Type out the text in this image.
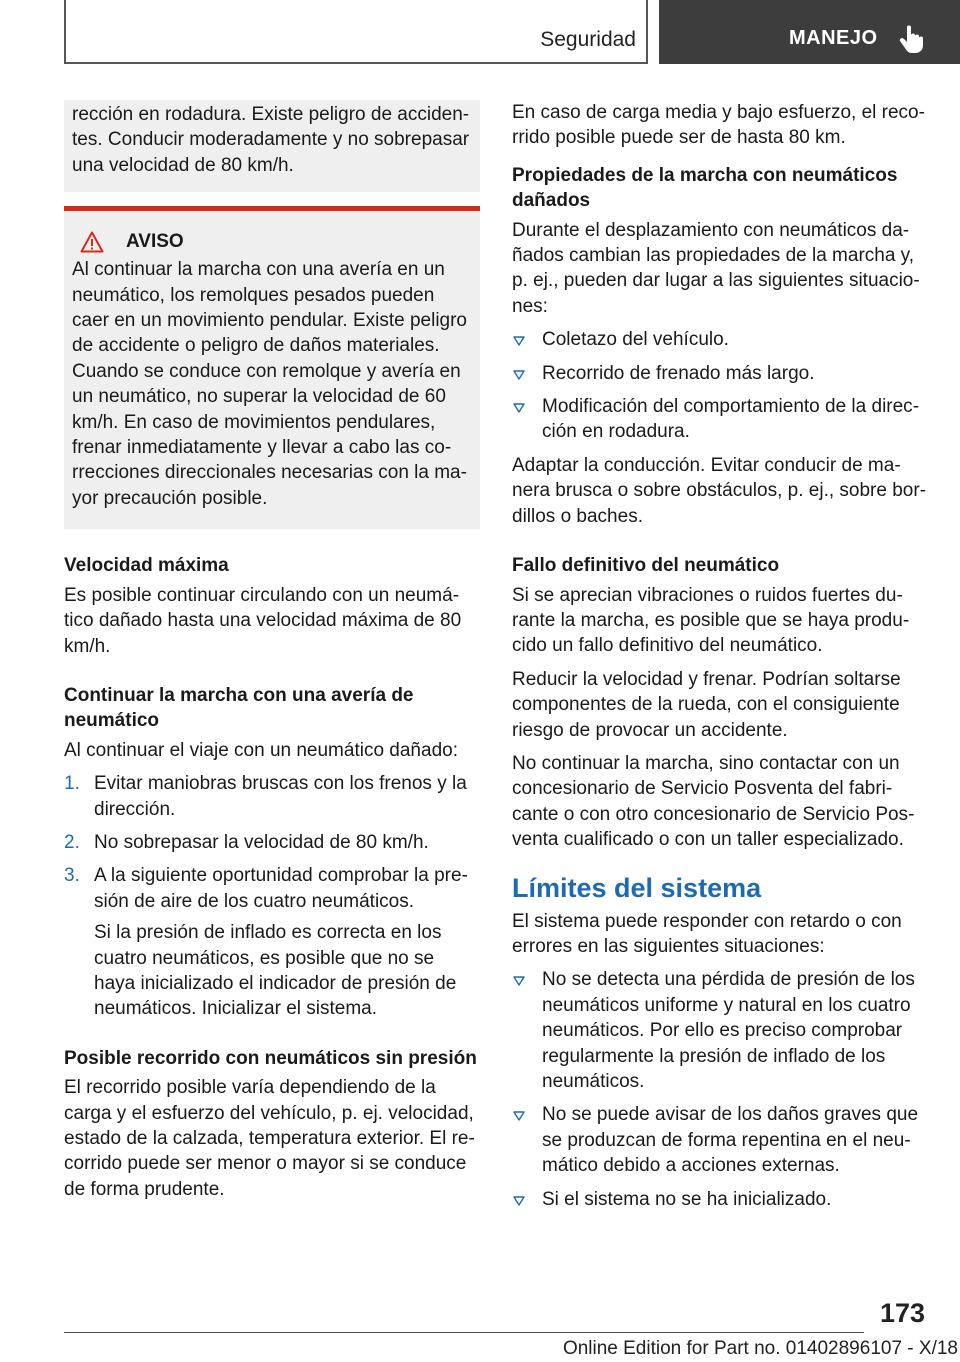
Seguridad	MANEJO

rección en rodadura. Existe peligro de accidentes. Conducir moderadamente y no sobrepasar una velocidad de 80 km/h.

AVISO

Al continuar la marcha con una avería en un neumático, los remolques pesados pueden caer en un movimiento pendular. Existe peligro de accidente o peligro de daños materiales. Cuando se conduce con remolque y avería en un neumático, no superar la velocidad de 60 km/h. En caso de movimientos pendulares, frenar inmediatamente y llevar a cabo las correcciones direccionales necesarias con la mayor precaución posible.

Velocidad máxima

Es posible continuar circulando con un neumático dañado hasta una velocidad máxima de 80 km/h.

Continuar la marcha con una avería de neumático

Al continuar el viaje con un neumático dañado:

1. Evitar maniobras bruscas con los frenos y la dirección.
2. No sobrepasar la velocidad de 80 km/h.
3. A la siguiente oportunidad comprobar la presión de aire de los cuatro neumáticos.
Si la presión de inflado es correcta en los cuatro neumáticos, es posible que no se haya inicializado el indicador de presión de neumáticos. Inicializar el sistema.
Posible recorrido con neumáticos sin presión

El recorrido posible varía dependiendo de la carga y el esfuerzo del vehículo, p. ej. velocidad, estado de la calzada, temperatura exterior. El recorrido puede ser menor o mayor si se conduce de forma prudente.

En caso de carga media y bajo esfuerzo, el recorrido posible puede ser de hasta 80 km.

Propiedades de la marcha con neumáticos dañados

Durante el desplazamiento con neumáticos dañados cambian las propiedades de la marcha y, p. ej., pueden dar lugar a las siguientes situaciones:

Coletazo del vehículo.
Recorrido de frenado más largo.
Modificación del comportamiento de la dirección en rodadura.

Adaptar la conducción. Evitar conducir de manera brusca o sobre obstáculos, p. ej., sobre bordillos o baches.

Fallo definitivo del neumático

Si se aprecian vibraciones o ruidos fuertes durante la marcha, es posible que se haya producido un fallo definitivo del neumático.

Reducir la velocidad y frenar. Podrían soltarse componentes de la rueda, con el consiguiente riesgo de provocar un accidente.

No continuar la marcha, sino contactar con un concesionario de Servicio Posventa del fabricante o con otro concesionario de Servicio Posventa cualificado o con un taller especializado.

Límites del sistema

El sistema puede responder con retardo o con errores en las siguientes situaciones:

No se detecta una pérdida de presión de los neumáticos uniforme y natural en los cuatro neumáticos. Por ello es preciso comprobar regularmente la presión de inflado de los neumáticos.
No se puede avisar de los daños graves que se produzcan de forma repentina en el neumático debido a acciones externas.
Si el sistema no se ha inicializado.
173
Online Edition for Part no. 01402896107 - X/18
